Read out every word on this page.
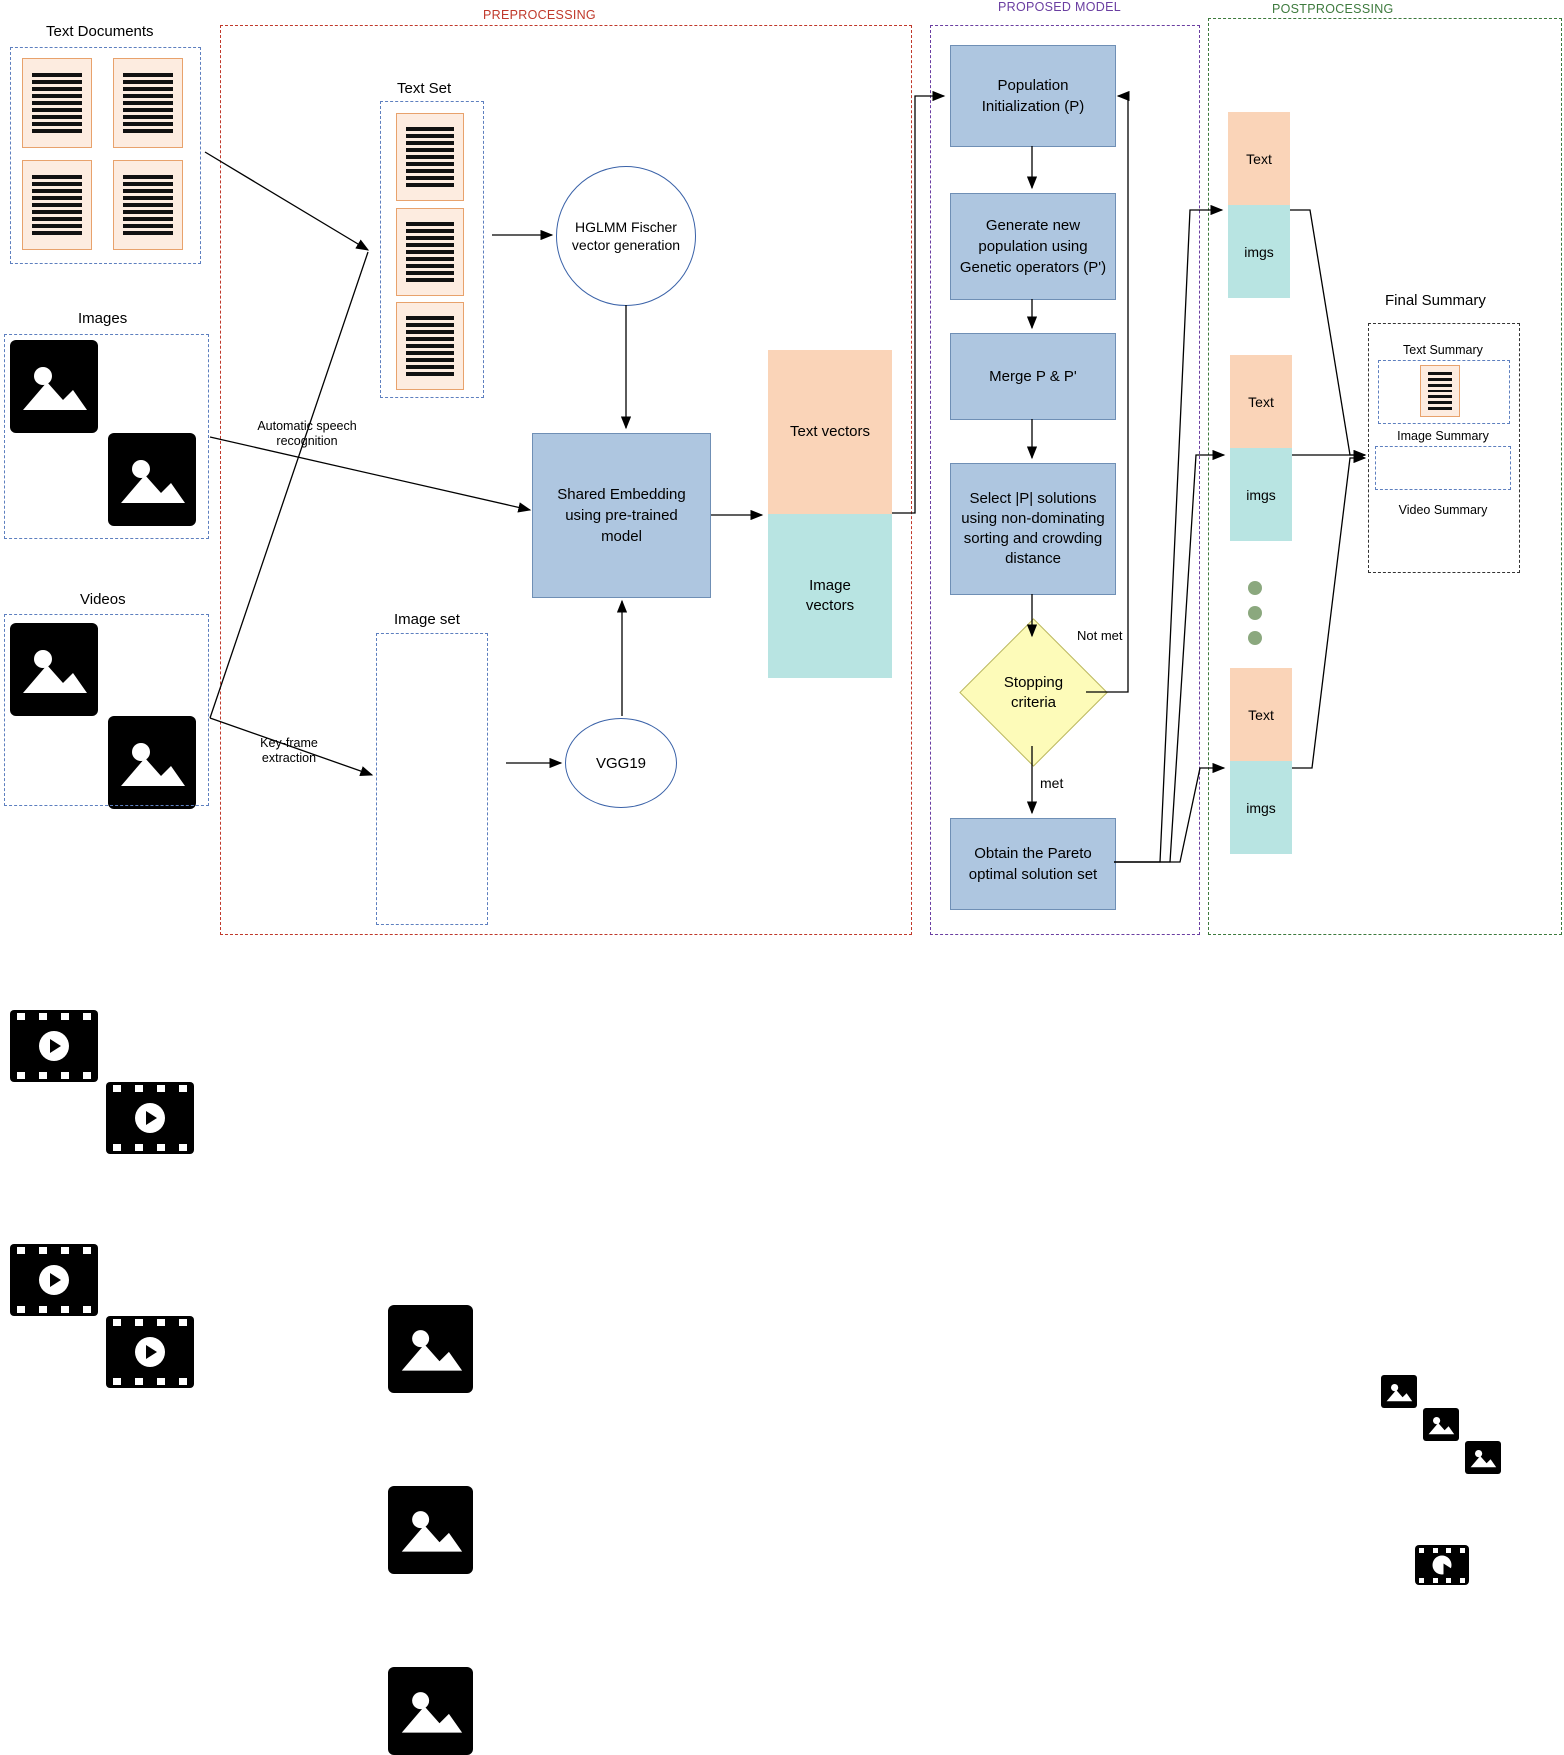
PREPROCESSING
PROPOSED MODEL	POSTPROCESSING
Text Documents
Images
Videos
Text Set
Image set
Automatic speech recognition
Key-frame extraction
HGLMM Fischer vector generation
VGG19
Shared Embedding using pre-trained model
Text vectors
Image vectors
Population Initialization (P)
Generate new population using Genetic operators (P')
Merge P & P'
Select |P| solutions using non-dominating sorting and crowding distance
Stopping criteria
Not met
met
Obtain the Pareto optimal solution set
Text
imgs
Text
imgs
Text
imgs
Final Summary
Text Summary
Image Summary
Video Summary
